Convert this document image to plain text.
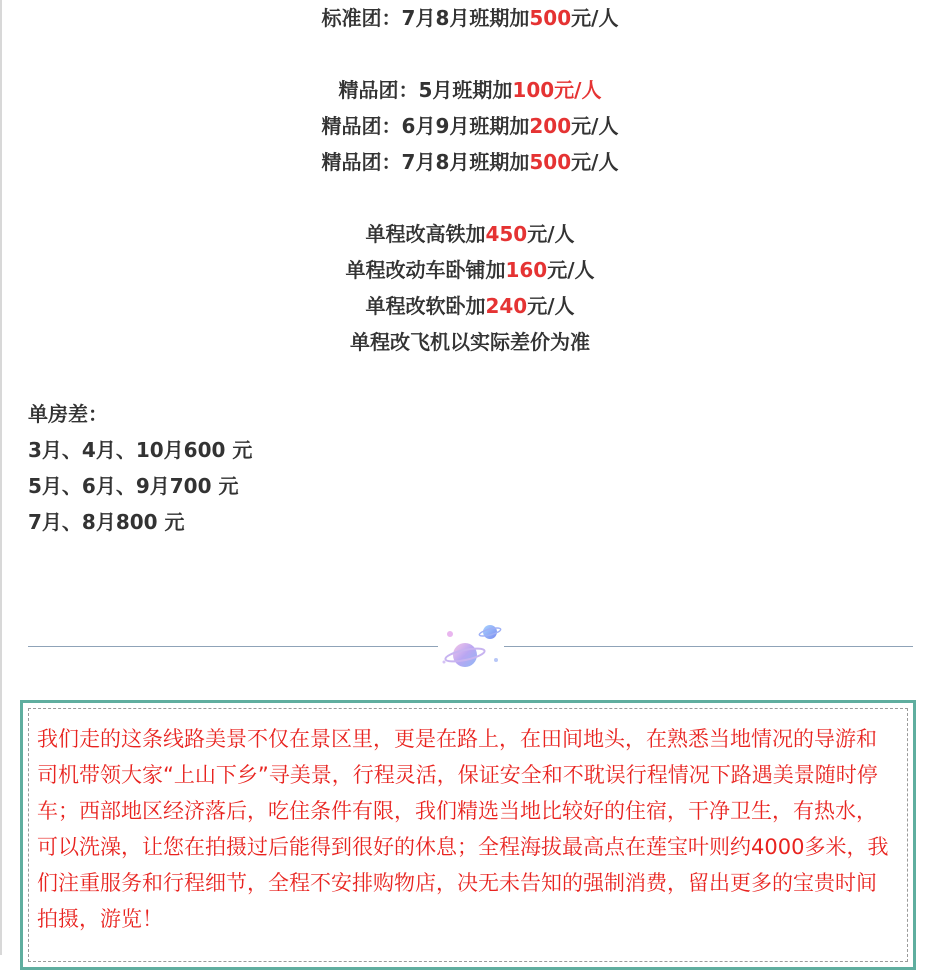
标准团：7月8月班期加500元/人
精品团：5月班期加100元/人
精品团：6月9月班期加200元/人
精品团：7月8月班期加500元/人
单程改高铁加450元/人
单程改动车卧铺加160元/人
单程改软卧加240元/人
单程改飞机以实际差价为准
单房差：
3月、4月、10月600 元
5月、6月、9月700 元
7月、8月800 元
我们走的这条线路美景不仅在景区里，更是在路上，在田间地头，在熟悉当地情况的导游和司机带领大家“上山下乡”寻美景，行程灵活，保证安全和不耽误行程情况下路遇美景随时停车；西部地区经济落后，吃住条件有限，我们精选当地比较好的住宿，干净卫生，有热水，可以洗澡，让您在拍摄过后能得到很好的休息；全程海拔最高点在莲宝叶则约4000多米，我们注重服务和行程细节，全程不安排购物店，决无未告知的强制消费，留出更多的宝贵时间拍摄，游览！
